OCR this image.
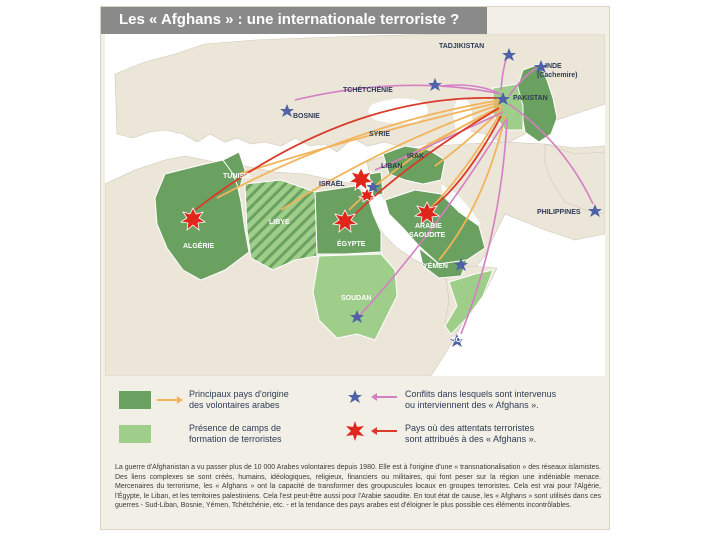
Les « Afghans » : une internationale terroriste ?
TADJIKISTAN
INDE
(Cachemire)
TCHÉTCHÉNIE
PAKISTAN
BOSNIE
SYRIE
IRAK
LIBAN
TUNISIE
ISRAËL
LIBYE
ALGÉRIE	ÉGYPTE
ARABIE
SAOUDITE
YÉMEN
PHILIPPINES
SOUDAN
SOMALIE
Principaux pays d'origine
des volontaires arabes
Présence de camps de
formation de terroristes
Conflits dans lesquels sont intervenus
ou interviennent des « Afghans ».
Pays où des attentats terroristes
sont attribués à des « Afghans ».
La guerre d'Afghanistan a vu passer plus de 10 000 Arabes volontaires depuis 1980. Elle est à l'origine d'une « transnationalisation » des réseaux islamistes. Des liens complexes se sont créés, humains, idéologiques, religieux, financiers ou militaires, qui font peser sur la région une indéniable menace. Mercenaires du terrorisme, les « Afghans » ont la capacité de transformer des groupuscules locaux en groupes terroristes. Cela est vrai pour l'Algérie, l'Égypte, le Liban, et les territoires palestiniens. Cela l'est peut-être aussi pour l'Arabie saoudite. En tout état de cause, les « Afghans » sont utilisés dans ces guerres - Sud-Liban, Bosnie, Yémen, Tchétchénie, etc. - et la tendance des pays arabes est d'éloigner le plus possible ces éléments incontrôlables.
